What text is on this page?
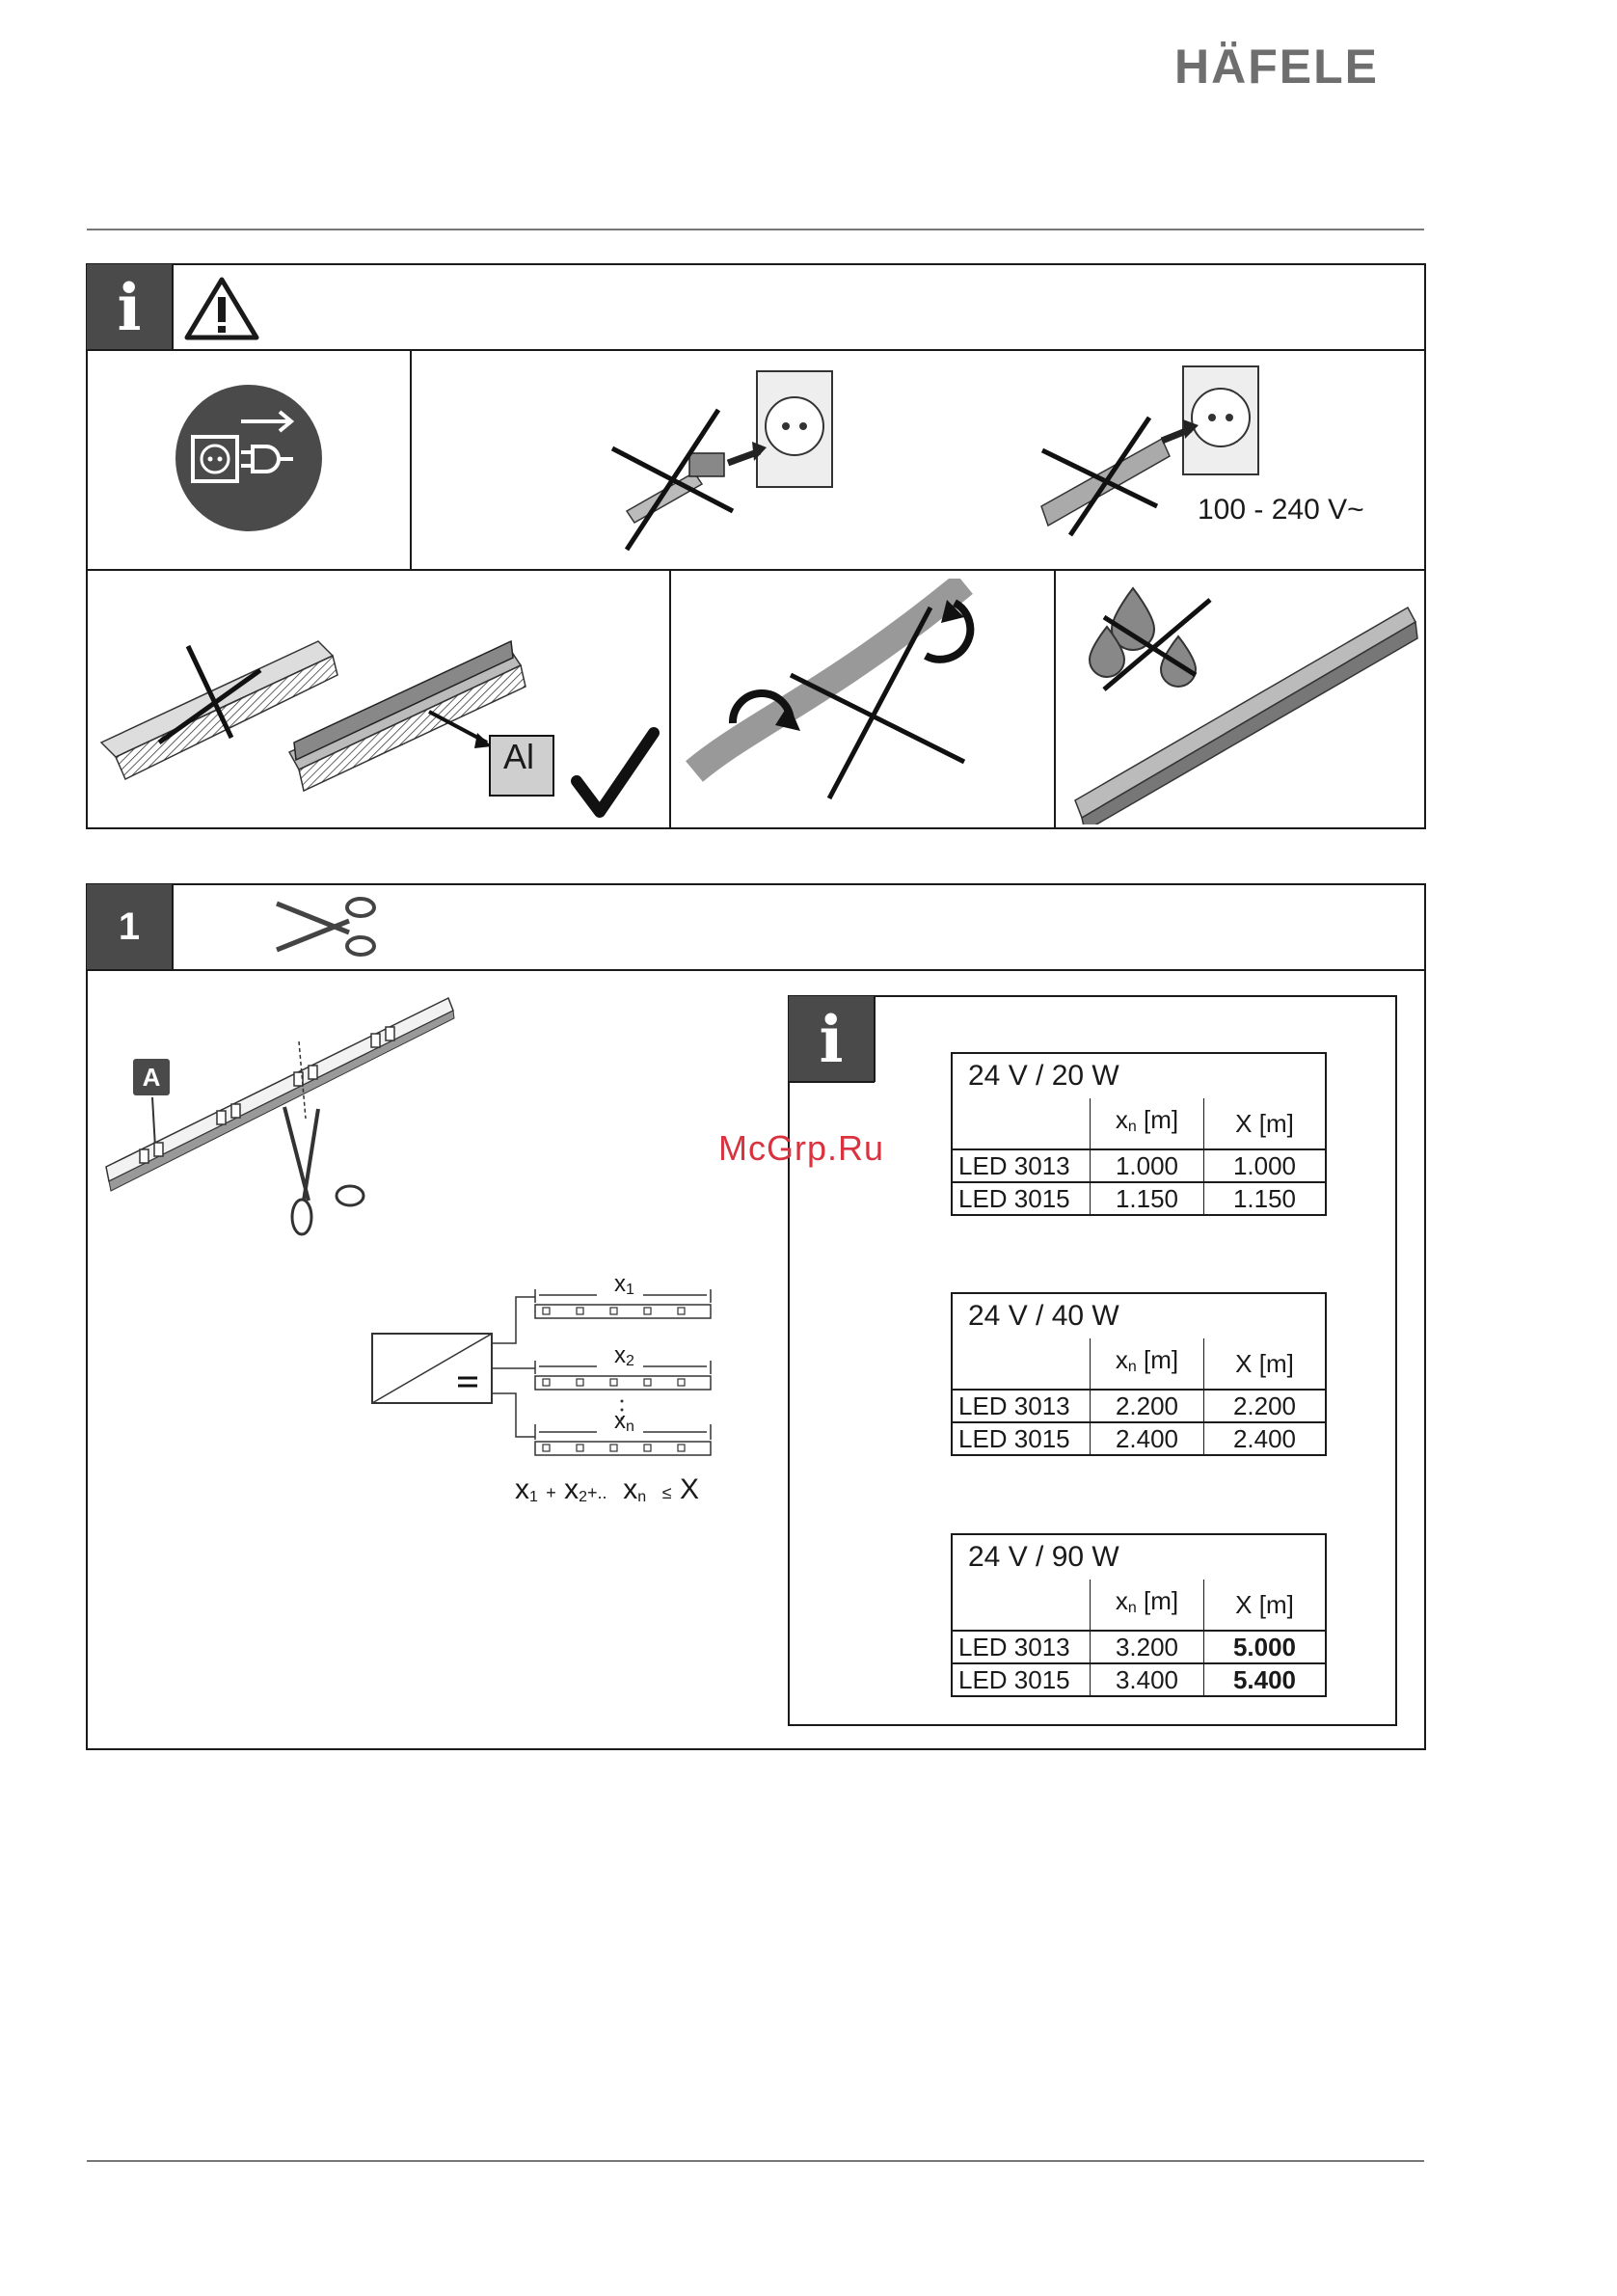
HÄFELE
i
100 - 240 V~
Al
1
A
$x_1$
$x_2$
$x_n$
$x_1 + x_2+$.. $x_n \le X$
i
McGrp.Ru
24 V / 20 W		
	$x_n$ [m]	X [m]
LED 3013	1.000	1.000
LED 3015	1.150	1.150
24 V / 40 W		
	$x_n$ [m]	X [m]
LED 3013	2.200	2.200
LED 3015	2.400	2.400
24 V / 90 W		
	$x_n$ [m]	X [m]
LED 3013	3.200	5.000
LED 3015	3.400	5.400
